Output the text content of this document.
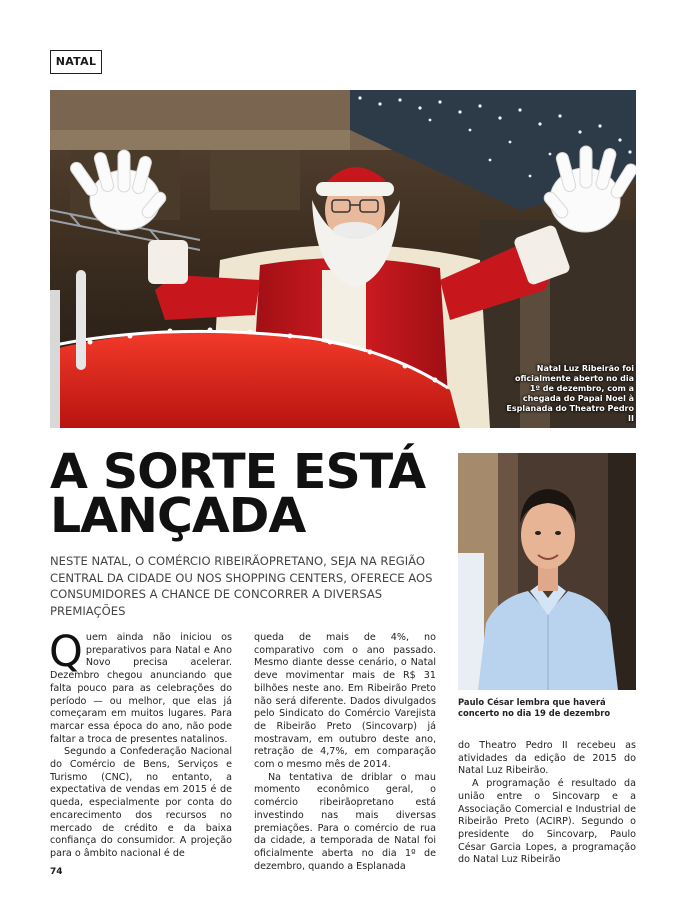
NATAL
Natal Luz Ribeirão foi oficialmente aberto no dia 1º de dezembro, com a chegada do Papai Noel à Esplanada do Theatro Pedro II
A SORTE ESTÁ
LANÇADA

NESTE NATAL, O COMÉRCIO RIBEIRÃOPRETANO, SEJA NA REGIÃO CENTRAL DA CIDADE OU NOS SHOPPING CENTERS, OFERECE AOS CONSUMIDORES A CHANCE DE CONCORRER A DIVERSAS PREMIAÇÕES

Paulo César lembra que haverá concerto no dia 19 de dezembro

Quem ainda não iniciou os preparativos para Natal e Ano Novo precisa acelerar. Dezembro chegou anunciando que falta pouco para as celebrações do período — ou melhor, que elas já começaram em muitos lugares. Para marcar essa época do ano, não pode faltar a troca de presentes natalinos.

Segundo a Confederação Nacional do Comércio de Bens, Serviços e Turismo (CNC), no entanto, a expectativa de vendas em 2015 é de queda, especialmente por conta do encarecimento dos recursos no mercado de crédito e da baixa confiança do consumidor. A projeção para o âmbito nacional é de

queda de mais de 4%, no comparativo com o ano passado. Mesmo diante desse cenário, o Natal deve movimentar mais de R$ 31 bilhões neste ano. Em Ribeirão Preto não será diferente. Dados divulgados pelo Sindicato do Comércio Varejista de Ribeirão Preto (Sincovarp) já mostravam, em outubro deste ano, retração de 4,7%, em comparação com o mesmo mês de 2014.

Na tentativa de driblar o mau momento econômico geral, o comércio ribeirãopretano está investindo nas mais diversas premiações. Para o comércio de rua da cidade, a temporada de Natal foi oficialmente aberta no dia 1º de dezembro, quando a Esplanada

do Theatro Pedro II recebeu as atividades da edição de 2015 do Natal Luz Ribeirão.

A programação é resultado da união entre o Sincovarp e a Associação Comercial e Industrial de Ribeirão Preto (ACIRP). Segundo o presidente do Sincovarp, Paulo César Garcia Lopes, a programação do Natal Luz Ribeirão

74
